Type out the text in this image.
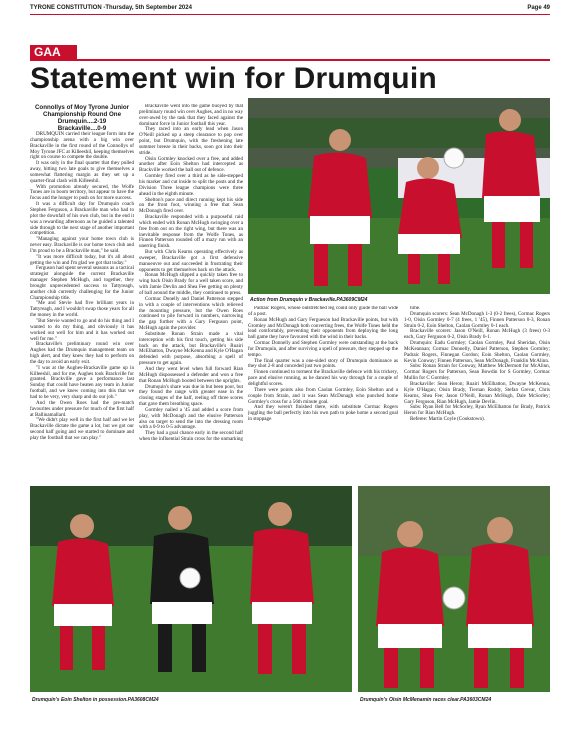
TYRONE CONSTITUTION -Thursday, 5th September 2024	Page 49
GAA
Statement win for Drumquin
Connollys of Moy Tyrone Junior
Championship Round One
Drumquin....2-19
Brackaville....0-9

DRUMQUIN carried their league form into the championship arena with a big win over Brackaville in the first round of the Connollys of Moy Tyrone JFC at Killeeshil, keeping themselves right on course to compete the double.

It was only in the final quarter that they pulled away, hitting two late goals to give themselves a somewhat flattering margin as they set up a quarter-final clash with Killeeshil.

With promotion already secured, the Wolfe Tones are in boom territory, but appear to have the focus and the hunger to push on for more success.

It was a difficult day for Drumquin coach Stephen Ferguson, a Brackaville man who had to plot the downfall of his own club, but in the end it was a rewarding afternoon as he guided a talented side through to the next stage of another important competition.

"Managing against your home town club is never easy. Brackaville is our home town club and I'm proud to be a Brackaville man," he said.

"It was more difficult today, but it's all about getting the win and I'm glad we got that today."

Ferguson had spent several seasons as a tactical strategist alongside the current Brackaville manager Stephen McHugh, and together, they brought unprecedented success to Tattyreagh, another club currently challenging for the Junior Championship title.

"Me and Stevie had five brilliant years in Tattyreagh, and I wouldn't swap those years for all the money in the world.

"But Stevie wanted to go and do his thing and I wanted to do my thing, and obviously it has worked out well for him and it has worked out well for me."

Brackaville's preliminary round win over Aughes had the Drumquin management team on high alert, and they knew they had to perform on the day to avoid an early exit.

"I was at the Aughes-Brackaville game up in Killeeshil, and for me, Aughes took Brackville for granted. Brackville gave a performance last Sunday that could have beaten any team in Junior football, and we knew coming into this that we had to be very, very sharp and do our job."

And the Owen Roes had the pre-match favourites under pressure for much of the first half at Ballinamallard.

"We didn't play well in the first half and we let Brackaville dictate the game a lot, but we got our second half going and we started to dominate and play the football that we can play."

Brackaville went into the game buoyed by that preliminary round win over Aughes, and in no way over-awed by the task that they faced against the dominant force in Junior football this year.

They raced into an early lead when Jason O'Neill picked up a steep clearance to pop over point, but Drumquin, with the freshening late summer breeze in their backs, soon got into their stride.

Oisin Gormley knocked over a free, and added another after Eoin Shelton had intercepted as Brackville worked the ball out of defence.

Gormley fired over a third as he side-stepped his marker and cut inside to split the posts and the Division Three league champions were three ahead in the eighth minute.

Shelton's pace and direct running kept his side on the front foot, winning a free that Sean McDonagh fired over.

Brackaville responded with a purposeful raid which ended with Ronan McHugh swinging over a free from out on the right wing, but there was an inevitable response from the Wolfe Tones, as Finnen Patterson rounded off a mazy run with an unerring finish.

But with Chris Kearns operating effectively as sweeper, Brackaville got a first defensive manoeuvre out and succeeded in frustrating their opponents to get themselves back on the attack.

Ronan McHugh slipped a quickly taken free to wing back Oisin Brady for a well taken score, and with Jamie Devlin and Shea Fee getting on plenty of ball around the middle, they continued to press.

Cormac Donelly and Daniel Patterson stepped in with a couple of interventions which relieved the mounting pressure, but the Owen Roes continued to pile forward in numbers, narrowing the gap further with a Gary Ferguson point, McHugh again the provider.

Substitute Ronan Strain made a vital interception with his first touch, getting his side back on the attack, but Brackaville's Ruairi McElhatton, Dwayne McKenna and Kyle O'Hagan defended with purpose, absorbing a spell of pressure to get again.

And they went level when full forward Rian McHugh dispossessed a defender and won a free that Ronan McHugh booted between the uprights.

Drumquin's share was due in but been poor, but they found the range with greater ease in the closing stages of the half, reeling off three scores that gave them breathing space.

Gormley nailed a '45 and added a score from play, with McDonagh and the elusive Patterson also on target to send the into the dressing room with a 0-9 to 0-5 advantage.

They had a goal chance early in the second half when the influential Strain cross for the unmarking

Action from Drumquin v Brackaville.PA3609CM24

Padraic Rogers, whose outstretched leg could only guide the ball wide of a post.

Ronan McHugh and Gary Fergueson had Brackaville points, but with Gromley and McDonagh both converting frees, the Wolfe Tones held the lead comfortably, preventing their opponents from deploying the long ball game they have favoured with the wind in their backs.

Cormac Donnelly and Stephen Gormley were outstanding at the back for Drumquin, and after surviving a spell of pressure, they stepped up the tempo.

The final quarter was a one-sided story of Drumquin dominance as they shot 2-8 and conceded just two points.

Finnen continued to torment the Brackaville defence with his trickery, pace and elusive running, as he danced his way through for a couple of delightful scores.

There were points also from Caolan Gormley, Eoin Shelton and a couple from Strain, and it was Sean McDonagh who punched home Gormley's cross for a 56th minute goal.

And they weren't finished there, with substitute Cormac Rogers juggling the ball perfectly into his own path to poke home a second goal in stoppage

time.

Drumquin scorers: Sean McDonagh 1-3 (0-2 frees), Cormac Rogers 1-0, Oisin Gormley 0-7 (4 frees, 1 '45), Finnen Patterson 0-3, Ronan Strain 0-2, Eoin Shelton, Caolan Gormley 0-1 each.

Brackaville scorers: Jason O'Neill, Ronan McHugh (3 frees) 0-3 each, Gary Ferguson 0-2, Oisin Brady 0-1.

Drumquin: Eadu Gormley; Caolan Gormley, Paul Sheridan, Oisin McKeannan; Cormac Donnelly, Daniel Patterson, Stephen Gormley; Padraic Rogers, Finnegan Gordon; Eoin Shelton, Caolan Gormley, Kevin Conway; Finnen Patterson, Sean McDonagh, Franklin McAlinn.

Subs: Ronan Strain for Conway, Matthew McDermott for McAlinn, Cormac Rogers for Patterson, Sean Bowdin for S Gormley, Cormac Mullin for C Gormley.

Brackaville: Sean Heron; Ruairi McElhatton, Dwayne McKenna, Kyle O'Hagan; Oisin Brady, Tiernan Roddy, Stefan Grevar, Chris Kearns, Shea Fee; Jason O'Neill, Ronan McHugh, Dale McSorley; Gary Ferguson, Rian McHugh, Jamie Devlin.

Subs: Ryan Bell for McSorley, Ryan McElhatton for Brady, Patrick Heron for Rian McHugh.

Referee: Martin Coyle (Cookstown).

Drumquin's Eoin Shelton in possession.PA3608CM24	Drumquin's Oisin McMenamin races clear.PA3603CM24
